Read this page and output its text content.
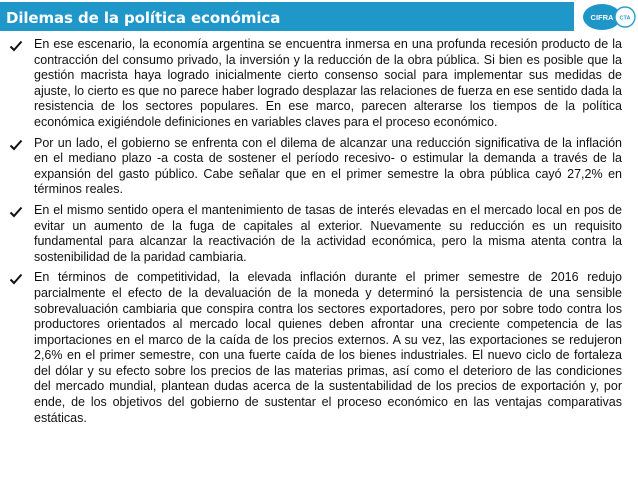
Dilemas de la política económica	CIFRA CTA
En ese escenario, la economía argentina se encuentra inmersa en una profunda recesión producto de la contracción del consumo privado, la inversión y la reducción de la obra pública. Si bien es posible que la gestión macrista haya logrado inicialmente cierto consenso social para implementar sus medidas de ajuste, lo cierto es que no parece haber logrado desplazar las relaciones de fuerza en ese sentido dada la resistencia de los sectores populares. En ese marco, parecen alterarse los tiempos de la política económica exigiéndole definiciones en variables claves para el proceso económico.
Por un lado, el gobierno se enfrenta con el dilema de alcanzar una reducción significativa de la inflación en el mediano plazo -a costa de sostener el período recesivo- o estimular la demanda a través de la expansión del gasto público. Cabe señalar que en el primer semestre la obra pública cayó 27,2% en términos reales.
En el mismo sentido opera el mantenimiento de tasas de interés elevadas en el mercado local en pos de evitar un aumento de la fuga de capitales al exterior. Nuevamente su reducción es un requisito fundamental para alcanzar la reactivación de la actividad económica, pero la misma atenta contra la sostenibilidad de la paridad cambiaria.
En términos de competitividad, la elevada inflación durante el primer semestre de 2016 redujo parcialmente el efecto de la devaluación de la moneda y determinó la persistencia de una sensible sobrevaluación cambiaria que conspira contra los sectores exportadores, pero por sobre todo contra los productores orientados al mercado local quienes deben afrontar una creciente competencia de las importaciones en el marco de la caída de los precios externos. A su vez, las exportaciones se redujeron 2,6% en el primer semestre, con una fuerte caída de los bienes industriales. El nuevo ciclo de fortaleza del dólar y su efecto sobre los precios de las materias primas, así como el deterioro de las condiciones del mercado mundial, plantean dudas acerca de la sustentabilidad de los precios de exportación y, por ende, de los objetivos del gobierno de sustentar el proceso económico en las ventajas comparativas estáticas.
